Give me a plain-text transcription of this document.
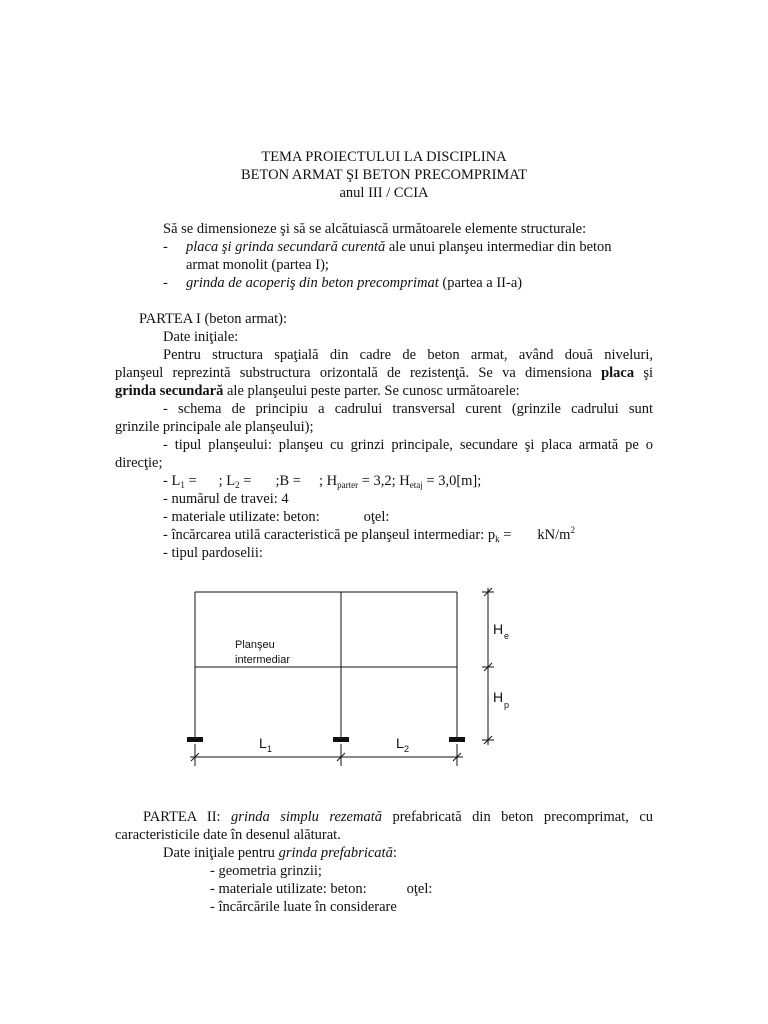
TEMA PROIECTULUI LA DISCIPLINA
BETON ARMAT ŞI BETON PRECOMPRIMAT
anul III / CCIA
Să se dimensioneze şi să se alcătuiască următoarele elemente structurale:
- placa şi grinda secundară curentă ale unui planşeu intermediar din beton
armat monolit (partea I);
- grinda de acoperiş din beton precomprimat (partea a II-a)
PARTEA I (beton armat):
Date iniţiale:
Pentru structura spaţială din cadre de beton armat, având două niveluri,
planşeul reprezintă substructura orizontală de rezistenţă. Se va dimensiona placa şi
grinda secundară ale planşeului peste parter. Se cunosc următoarele:
- schema de principiu a cadrului transversal curent (grinzile cadrului sunt
grinzile principale ale planşeului);
- tipul planşeului: planşeu cu grinzi principale, secundare şi placa armată pe o
direcţie;
- $L_1$ = ; $L_2$ = ;B = ; $H_{parter} = 3,2$; $H_{etaj} = 3,0[m]$;
- numărul de travei: 4
- materiale utilizate: beton:	oţel:
- încărcarea utilă caracteristică pe planşeul intermediar: $p_k = kN/m^2$
- tipul pardoselii:
Planşeu
intermediar
H e
H p
L 1	L 2
PARTEA II: grinda simplu rezemată prefabricată din beton precomprimat, cu
caracteristicile date în desenul alăturat.
Date iniţiale pentru grinda prefabricată:
- geometria grinzii;
- materiale utilizate: beton:	oţel:
- încărcările luate în considerare
